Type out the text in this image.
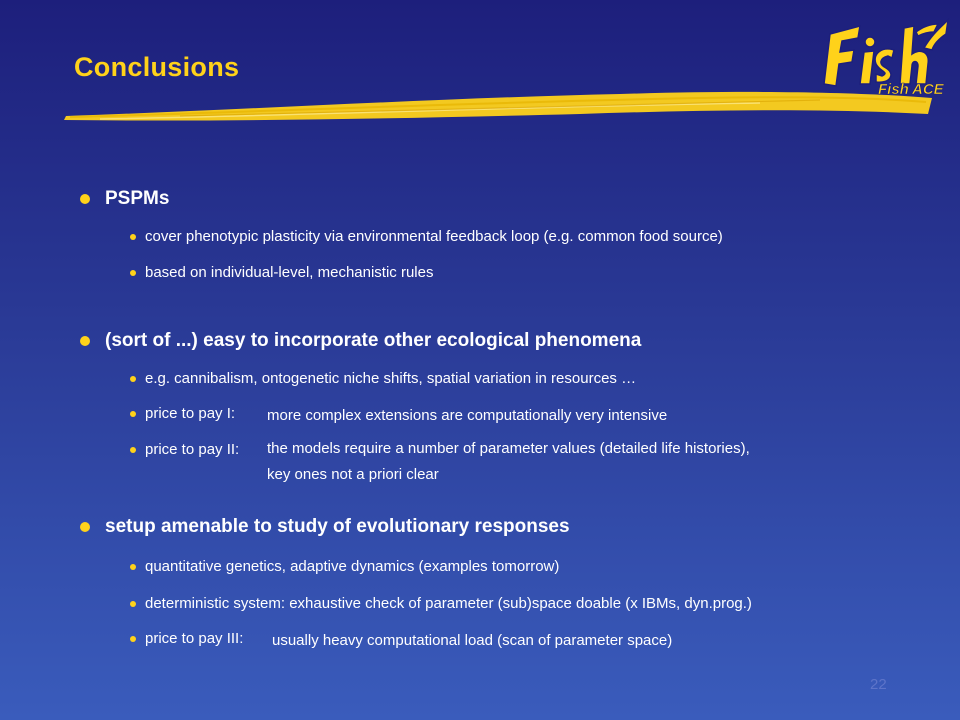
Conclusions
Fish ACE
PSPMs
cover phenotypic plasticity via environmental feedback loop (e.g. common food source)
based on individual-level, mechanistic rules
(sort of ...) easy to incorporate other ecological phenomena
e.g. cannibalism, ontogenetic niche shifts, spatial variation in resources …
price to pay I: more complex extensions are computationally very intensive
price to pay II: the models require a number of parameter values (detailed life histories),
key ones not a priori clear
setup amenable to study of evolutionary responses
quantitative genetics, adaptive dynamics (examples tomorrow)
deterministic system: exhaustive check of parameter (sub)space doable (x IBMs, dyn.prog.)
price to pay III: usually heavy computational load (scan of parameter space)
22
